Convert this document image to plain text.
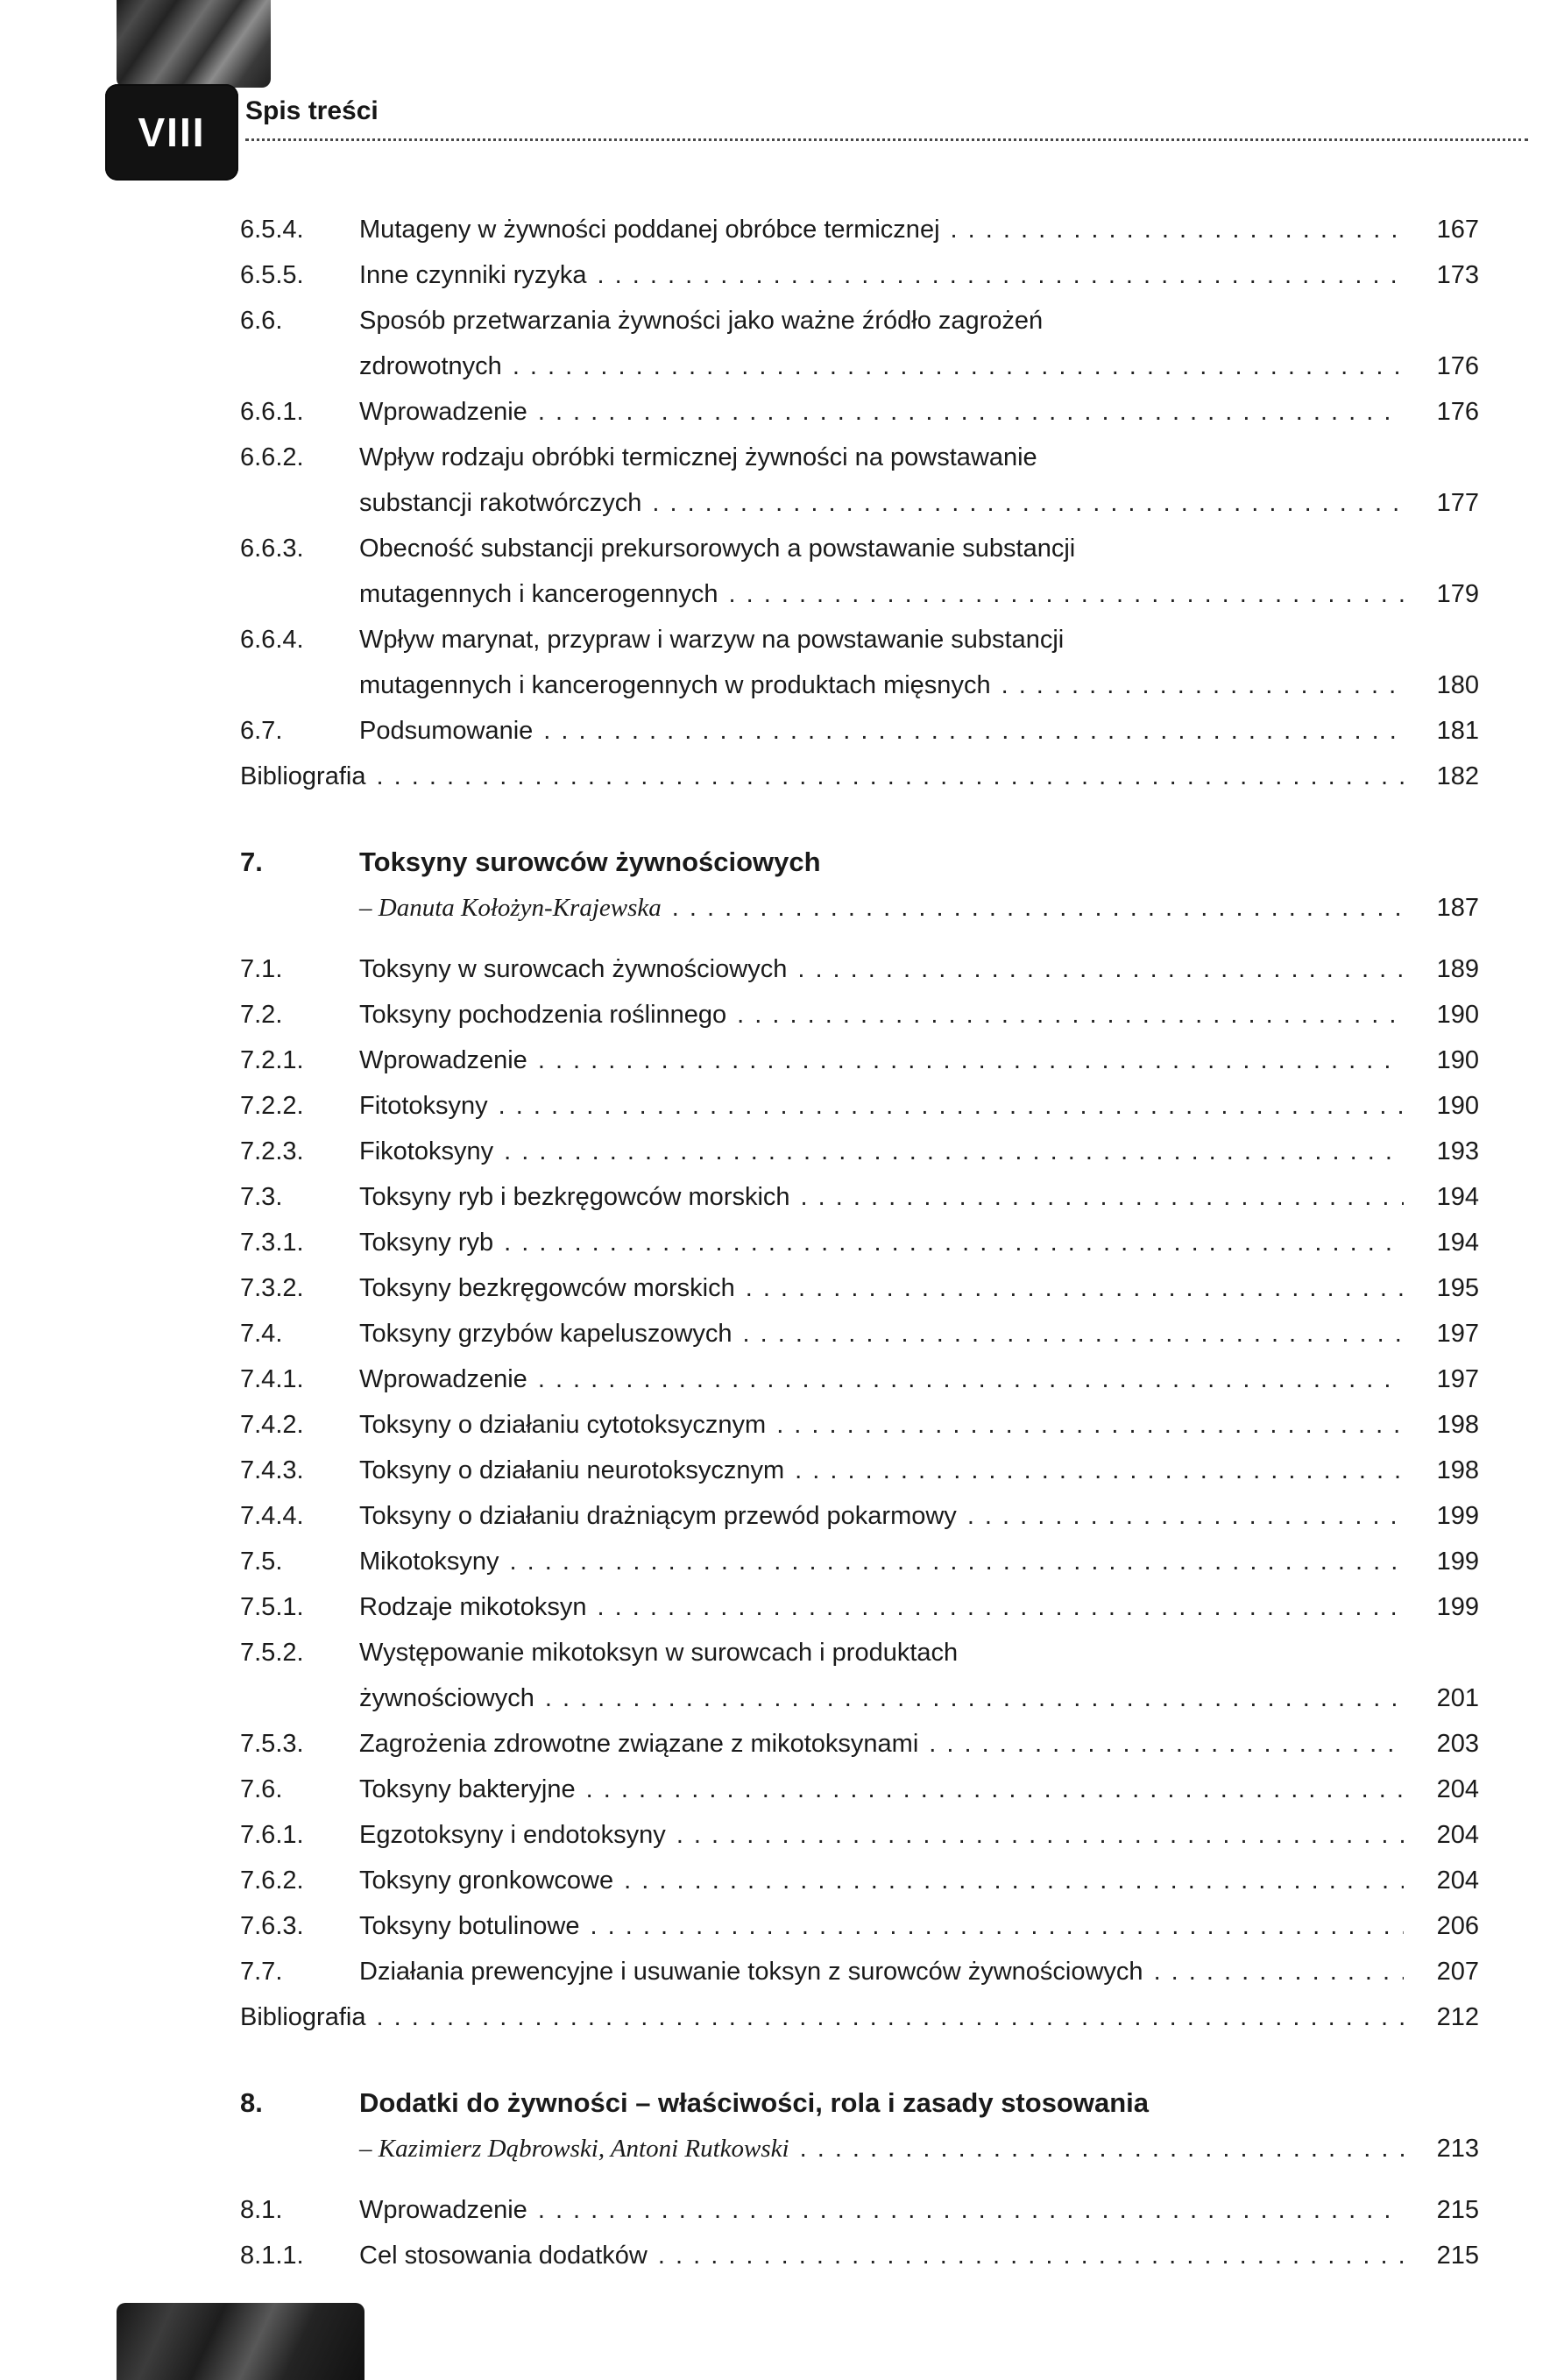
VIII Spis treści
6.5.4.	Mutageny w żywności poddanej obróbce termicznej . . .	167
6.5.5.	Inne czynniki ryzyka . . .	173
6.6.	Sposób przetwarzania żywności jako ważne źródło zagrożeń
zdrowotnych . . .	176
6.6.1.	Wprowadzenie . . .	176
6.6.2.	Wpływ rodzaju obróbki termicznej żywności na powstawanie
substancji rakotwórczych . . .	177
6.6.3.	Obecność substancji prekursorowych a powstawanie substancji
mutagennych i kancerogennych . . .	179
6.6.4.	Wpływ marynat, przypraw i warzyw na powstawanie substancji
mutagennych i kancerogennych w produktach mięsnych . . .	180
6.7.	Podsumowanie . . .	181
Bibliografia . . .	182
7.	Toksyny surowców żywnościowych
– Danuta Kołożyn-Krajewska . . .	187
7.1.	Toksyny w surowcach żywnościowych . . .	189
7.2.	Toksyny pochodzenia roślinnego . . .	190
7.2.1.	Wprowadzenie . . .	190
7.2.2.	Fitotoksyny . . .	190
7.2.3.	Fikotoksyny . . .	193
7.3.	Toksyny ryb i bezkręgowców morskich . . .	194
7.3.1.	Toksyny ryb . . .	194
7.3.2.	Toksyny bezkręgowców morskich . . .	195
7.4.	Toksyny grzybów kapeluszowych . . .	197
7.4.1.	Wprowadzenie . . .	197
7.4.2.	Toksyny o działaniu cytotoksycznym . . .	198
7.4.3.	Toksyny o działaniu neurotoksycznym . . .	198
7.4.4.	Toksyny o działaniu drażniącym przewód pokarmowy . . .	199
7.5.	Mikotoksyny . . .	199
7.5.1.	Rodzaje mikotoksyn . . .	199
7.5.2.	Występowanie mikotoksyn w surowcach i produktach
żywnościowych . . .	201
7.5.3.	Zagrożenia zdrowotne związane z mikotoksynami . . .	203
7.6.	Toksyny bakteryjne . . .	204
7.6.1.	Egzotoksyny i endotoksyny . . .	204
7.6.2.	Toksyny gronkowcowe . . .	204
7.6.3.	Toksyny botulinowe . . .	206
7.7.	Działania prewencyjne i usuwanie toksyn z surowców żywnościowych . . .	207
Bibliografia . . .	212
8.	Dodatki do żywności – właściwości, rola i zasady stosowania
– Kazimierz Dąbrowski, Antoni Rutkowski . . .	213
8.1.	Wprowadzenie . . .	215
8.1.1.	Cel stosowania dodatków . . .	215
